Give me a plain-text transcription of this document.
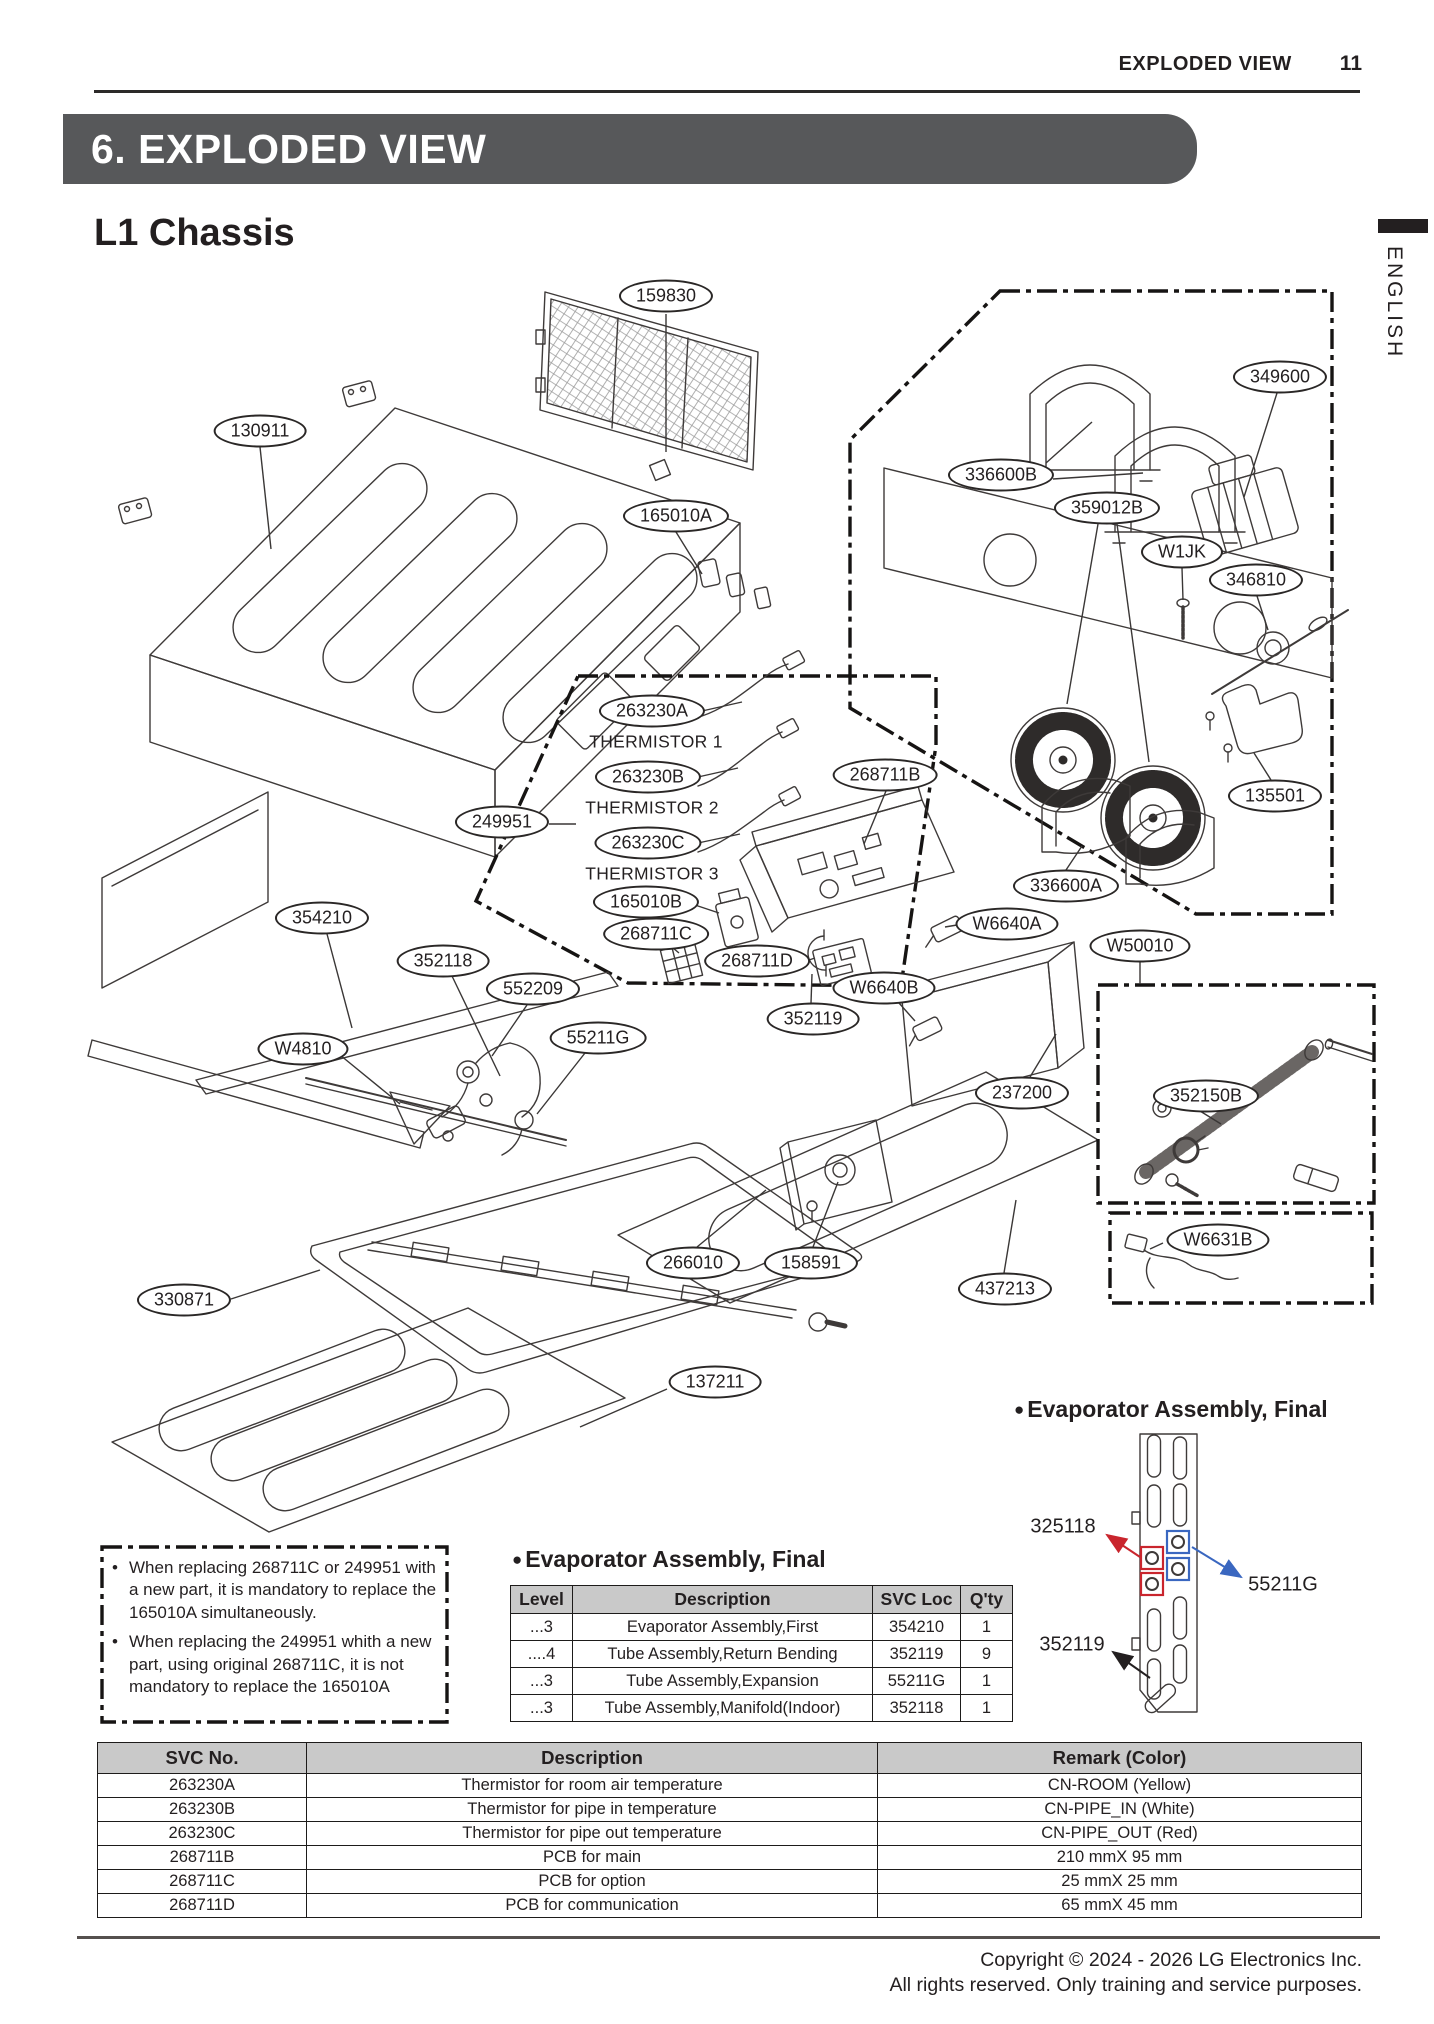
EXPLODED VIEW 11
6. EXPLODED VIEW
L1 Chassis
ENGLISH
159830
130911
165010A
349600
336600B
359012B
W1JK
346810
263230A
THERMISTOR 1
263230B
THERMISTOR 2
268711B
249951
263230C
THERMISTOR 3
135501
336600A
165010B
W6640A
268711C
W50010
354210
268711D
352118
W6640B
552209
352119
55211G
W4810
237200	352150B
W6631B
266010	158591
437213
330871
137211
• When replacing 268711C or 249951 with a new part, it is mandatory to replace the 165010A simultaneously.
• When replacing the 249951 whith a new part, using original 268711C, it is not mandatory to replace the 165010A
● Evaporator Assembly, Final
Level	Description	SVC Loc	Q'ty
...3	Evaporator Assembly,First	354210	1
....4	Tube Assembly,Return Bending	352119	9
...3	Tube Assembly,Expansion	55211G	1
...3	Tube Assembly,Manifold(Indoor)	352118	1
● Evaporator Assembly, Final
325118
55211G
352119
SVC No.	Description	Remark (Color)
263230A	Thermistor for room air temperature	CN-ROOM (Yellow)
263230B	Thermistor for pipe in temperature	CN-PIPE_IN (White)
263230C	Thermistor for pipe out temperature	CN-PIPE_OUT (Red)
268711B	PCB for main	210 mmX 95 mm
268711C	PCB for option	25 mmX 25 mm
268711D	PCB for communication	65 mmX 45 mm
Copyright © 2024 - 2026 LG Electronics Inc.
All rights reserved. Only training and service purposes.
